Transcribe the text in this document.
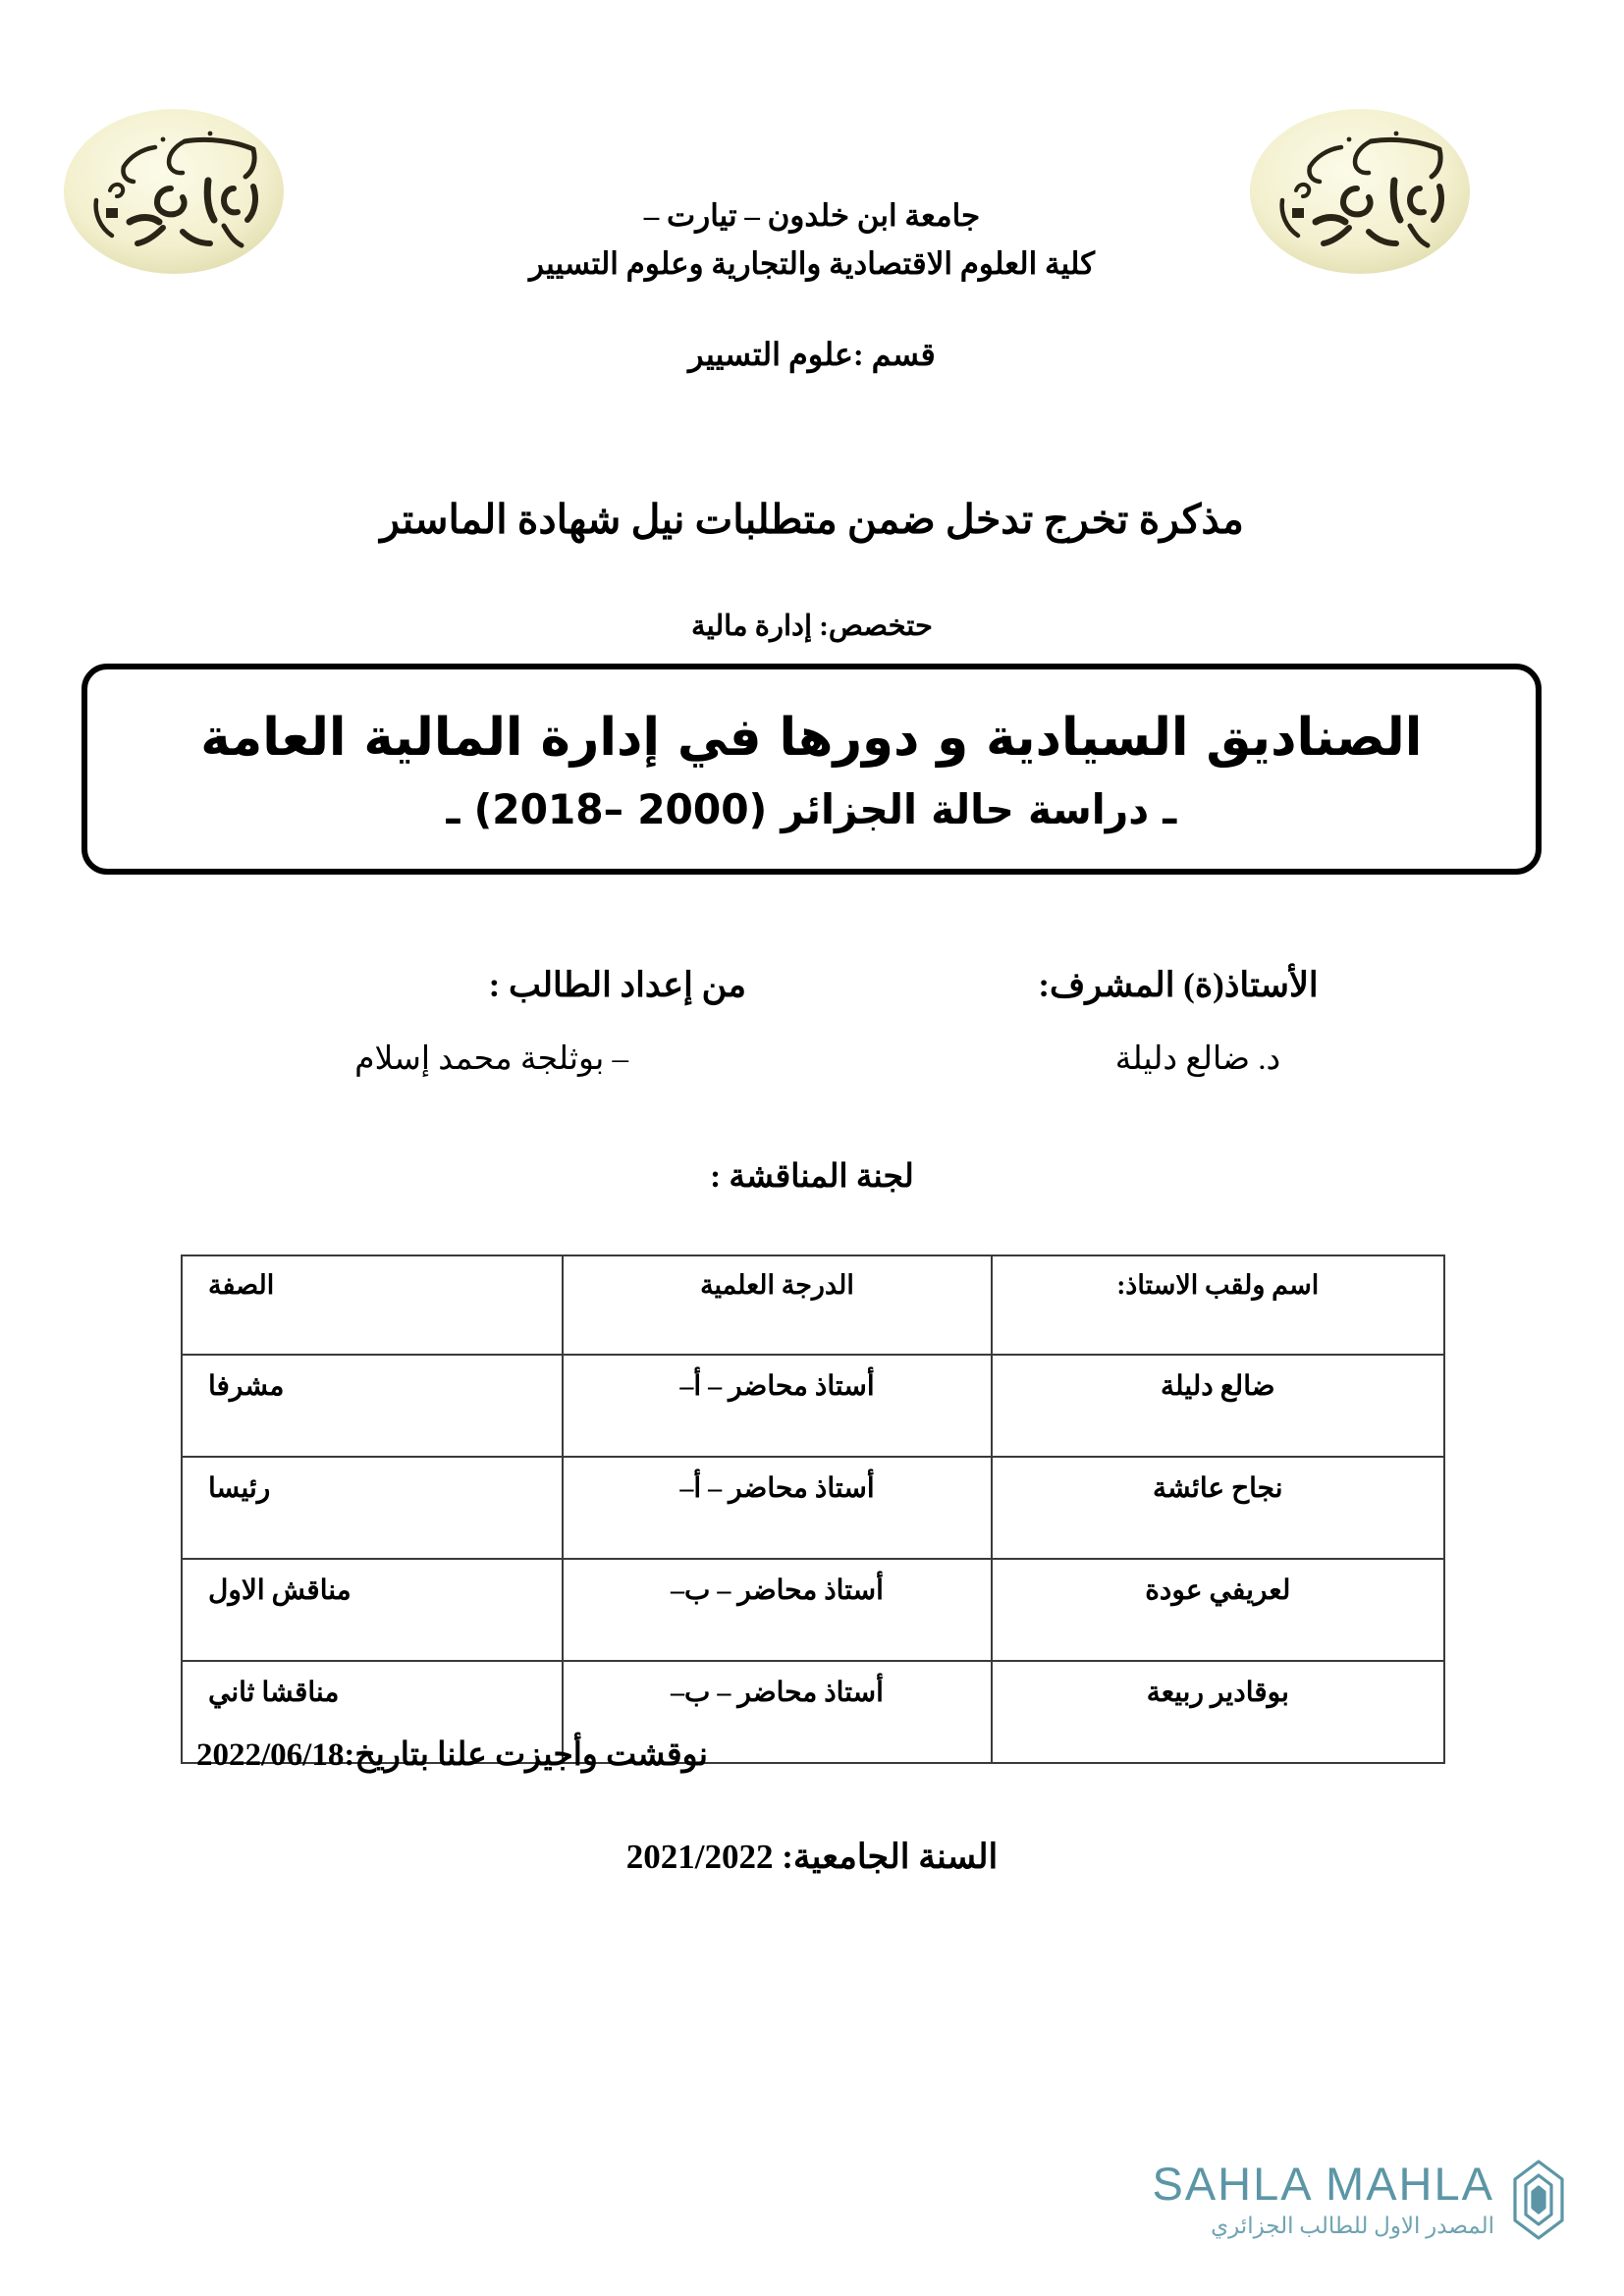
جامعة ابن خلدون – تيارت –
كلية العلوم الاقتصادية والتجارية وعلوم التسيير
قسم :علوم التسيير
مذكرة تخرج تدخل ضمن متطلبات نيل شهادة الماستر
حتخصص: إدارة مالية
الصناديق السيادية و دورها في إدارة المالية العامة
ـ دراسة حالة الجزائر (2000 –2018) ـ
الأستاذ(ة) المشرف:
د. ضالع دليلة
من إعداد الطالب :
– بوثلجة محمد إسلام
لجنة المناقشة :
اسم ولقب الاستاذ:	الدرجة العلمية	الصفة
ضالع دليلة	أستاذ محاضر – أ–	مشرفا
نجاح عائشة	أستاذ محاضر – أ–	رئيسا
لعريفي عودة	أستاذ محاضر – ب–	مناقش الاول
بوقادير ربيعة	أستاذ محاضر – ب–	مناقشا ثاني
نوقشت وأجيزت علنا بتاريخ:2022/06/18
السنة الجامعية: 2021/2022
SAHLA MAHLA
المصدر الاول للطالب الجزائري
